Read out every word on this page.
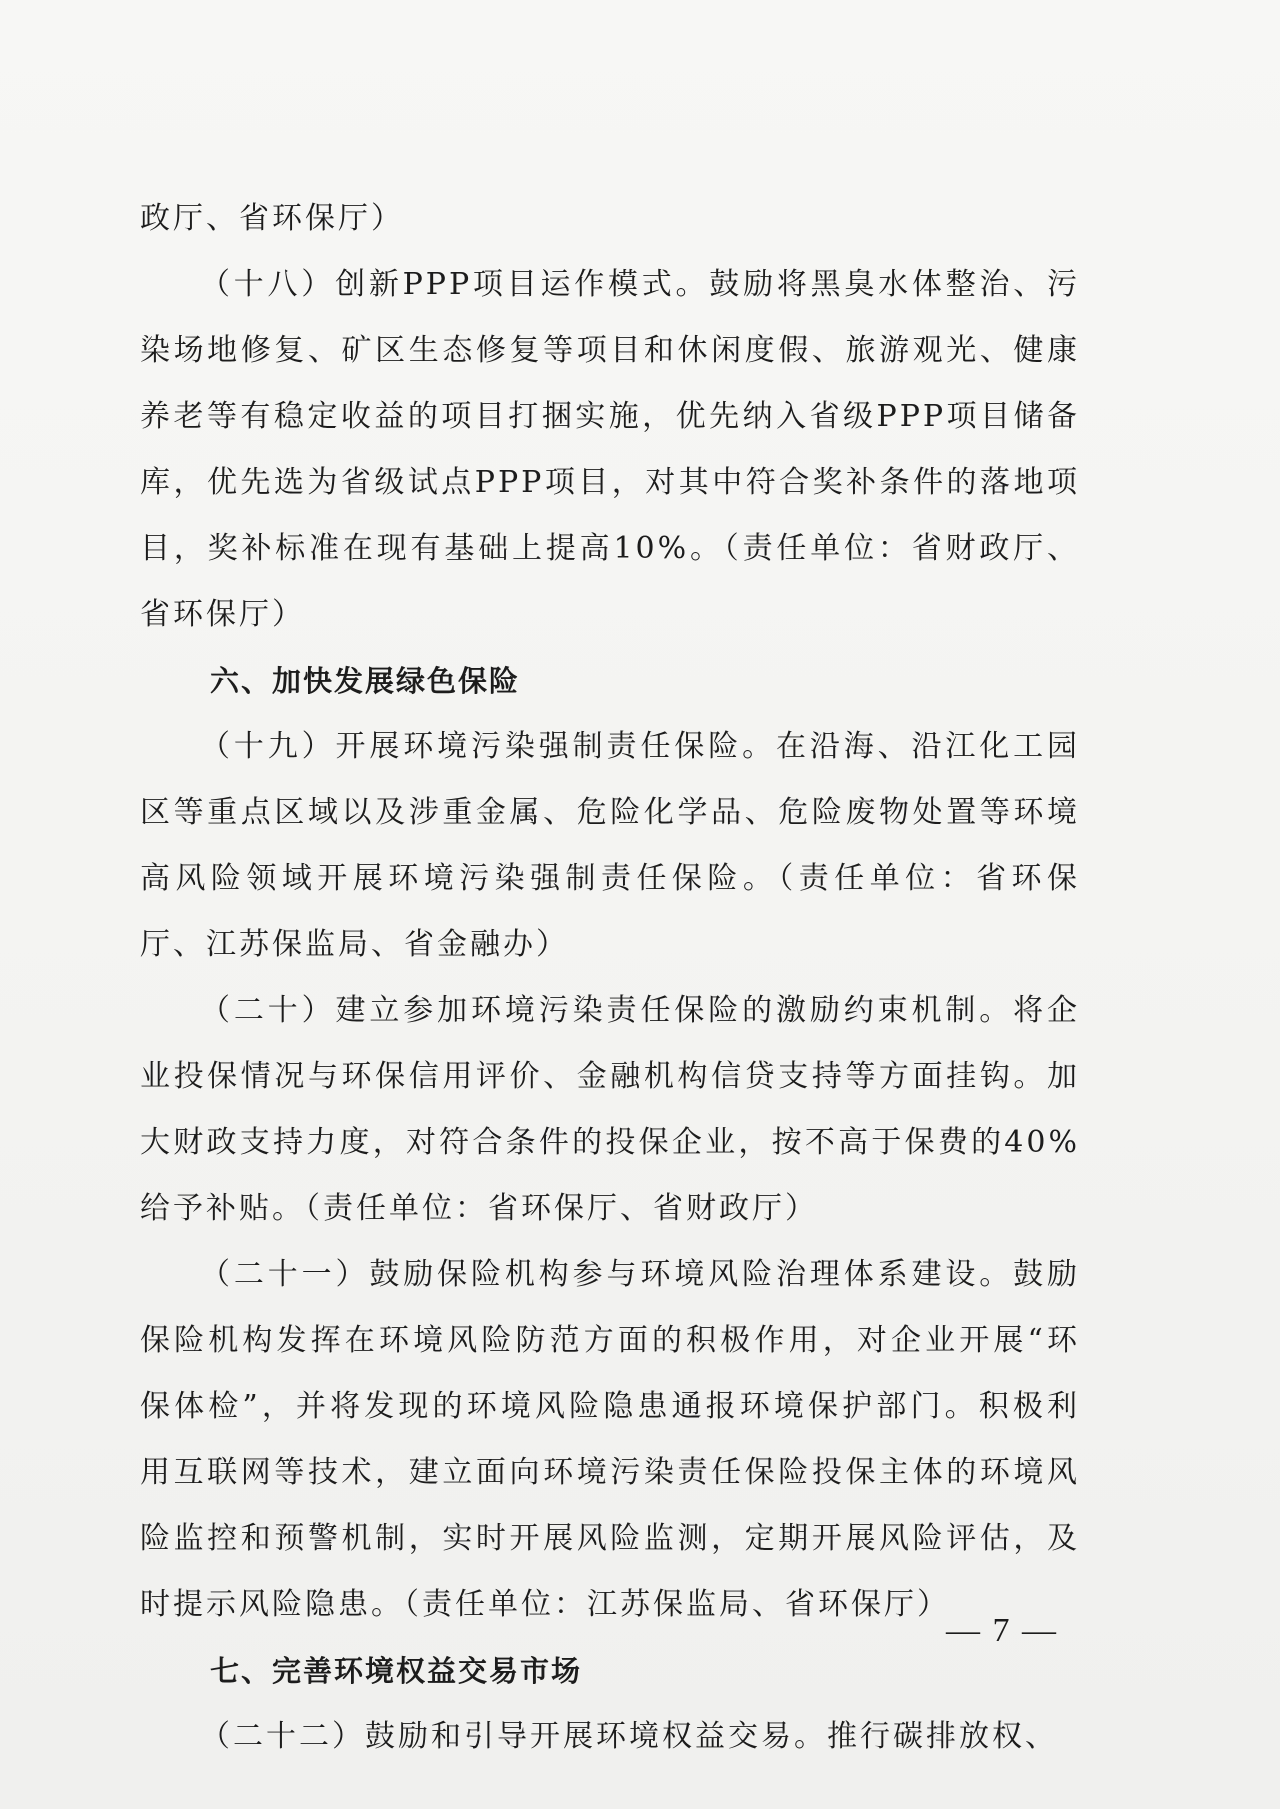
政厅、省环保厅）

（十八）创新PPP项目运作模式。鼓励将黑臭水体整治、污染场地修复、矿区生态修复等项目和休闲度假、旅游观光、健康养老等有稳定收益的项目打捆实施，优先纳入省级PPP项目储备库，优先选为省级试点PPP项目，对其中符合奖补条件的落地项目，奖补标准在现有基础上提高10%。（责任单位：省财政厅、省环保厅）

六、加快发展绿色保险

（十九）开展环境污染强制责任保险。在沿海、沿江化工园区等重点区域以及涉重金属、危险化学品、危险废物处置等环境高风险领域开展环境污染强制责任保险。（责任单位：省环保厅、江苏保监局、省金融办）

（二十）建立参加环境污染责任保险的激励约束机制。将企业投保情况与环保信用评价、金融机构信贷支持等方面挂钩。加大财政支持力度，对符合条件的投保企业，按不高于保费的40%给予补贴。（责任单位：省环保厅、省财政厅）

（二十一）鼓励保险机构参与环境风险治理体系建设。鼓励保险机构发挥在环境风险防范方面的积极作用，对企业开展“环保体检”，并将发现的环境风险隐患通报环境保护部门。积极利用互联网等技术，建立面向环境污染责任保险投保主体的环境风险监控和预警机制，实时开展风险监测，定期开展风险评估，及时提示风险隐患。（责任单位：江苏保监局、省环保厅）

七、完善环境权益交易市场

（二十二）鼓励和引导开展环境权益交易。推行碳排放权、

— 7 —
